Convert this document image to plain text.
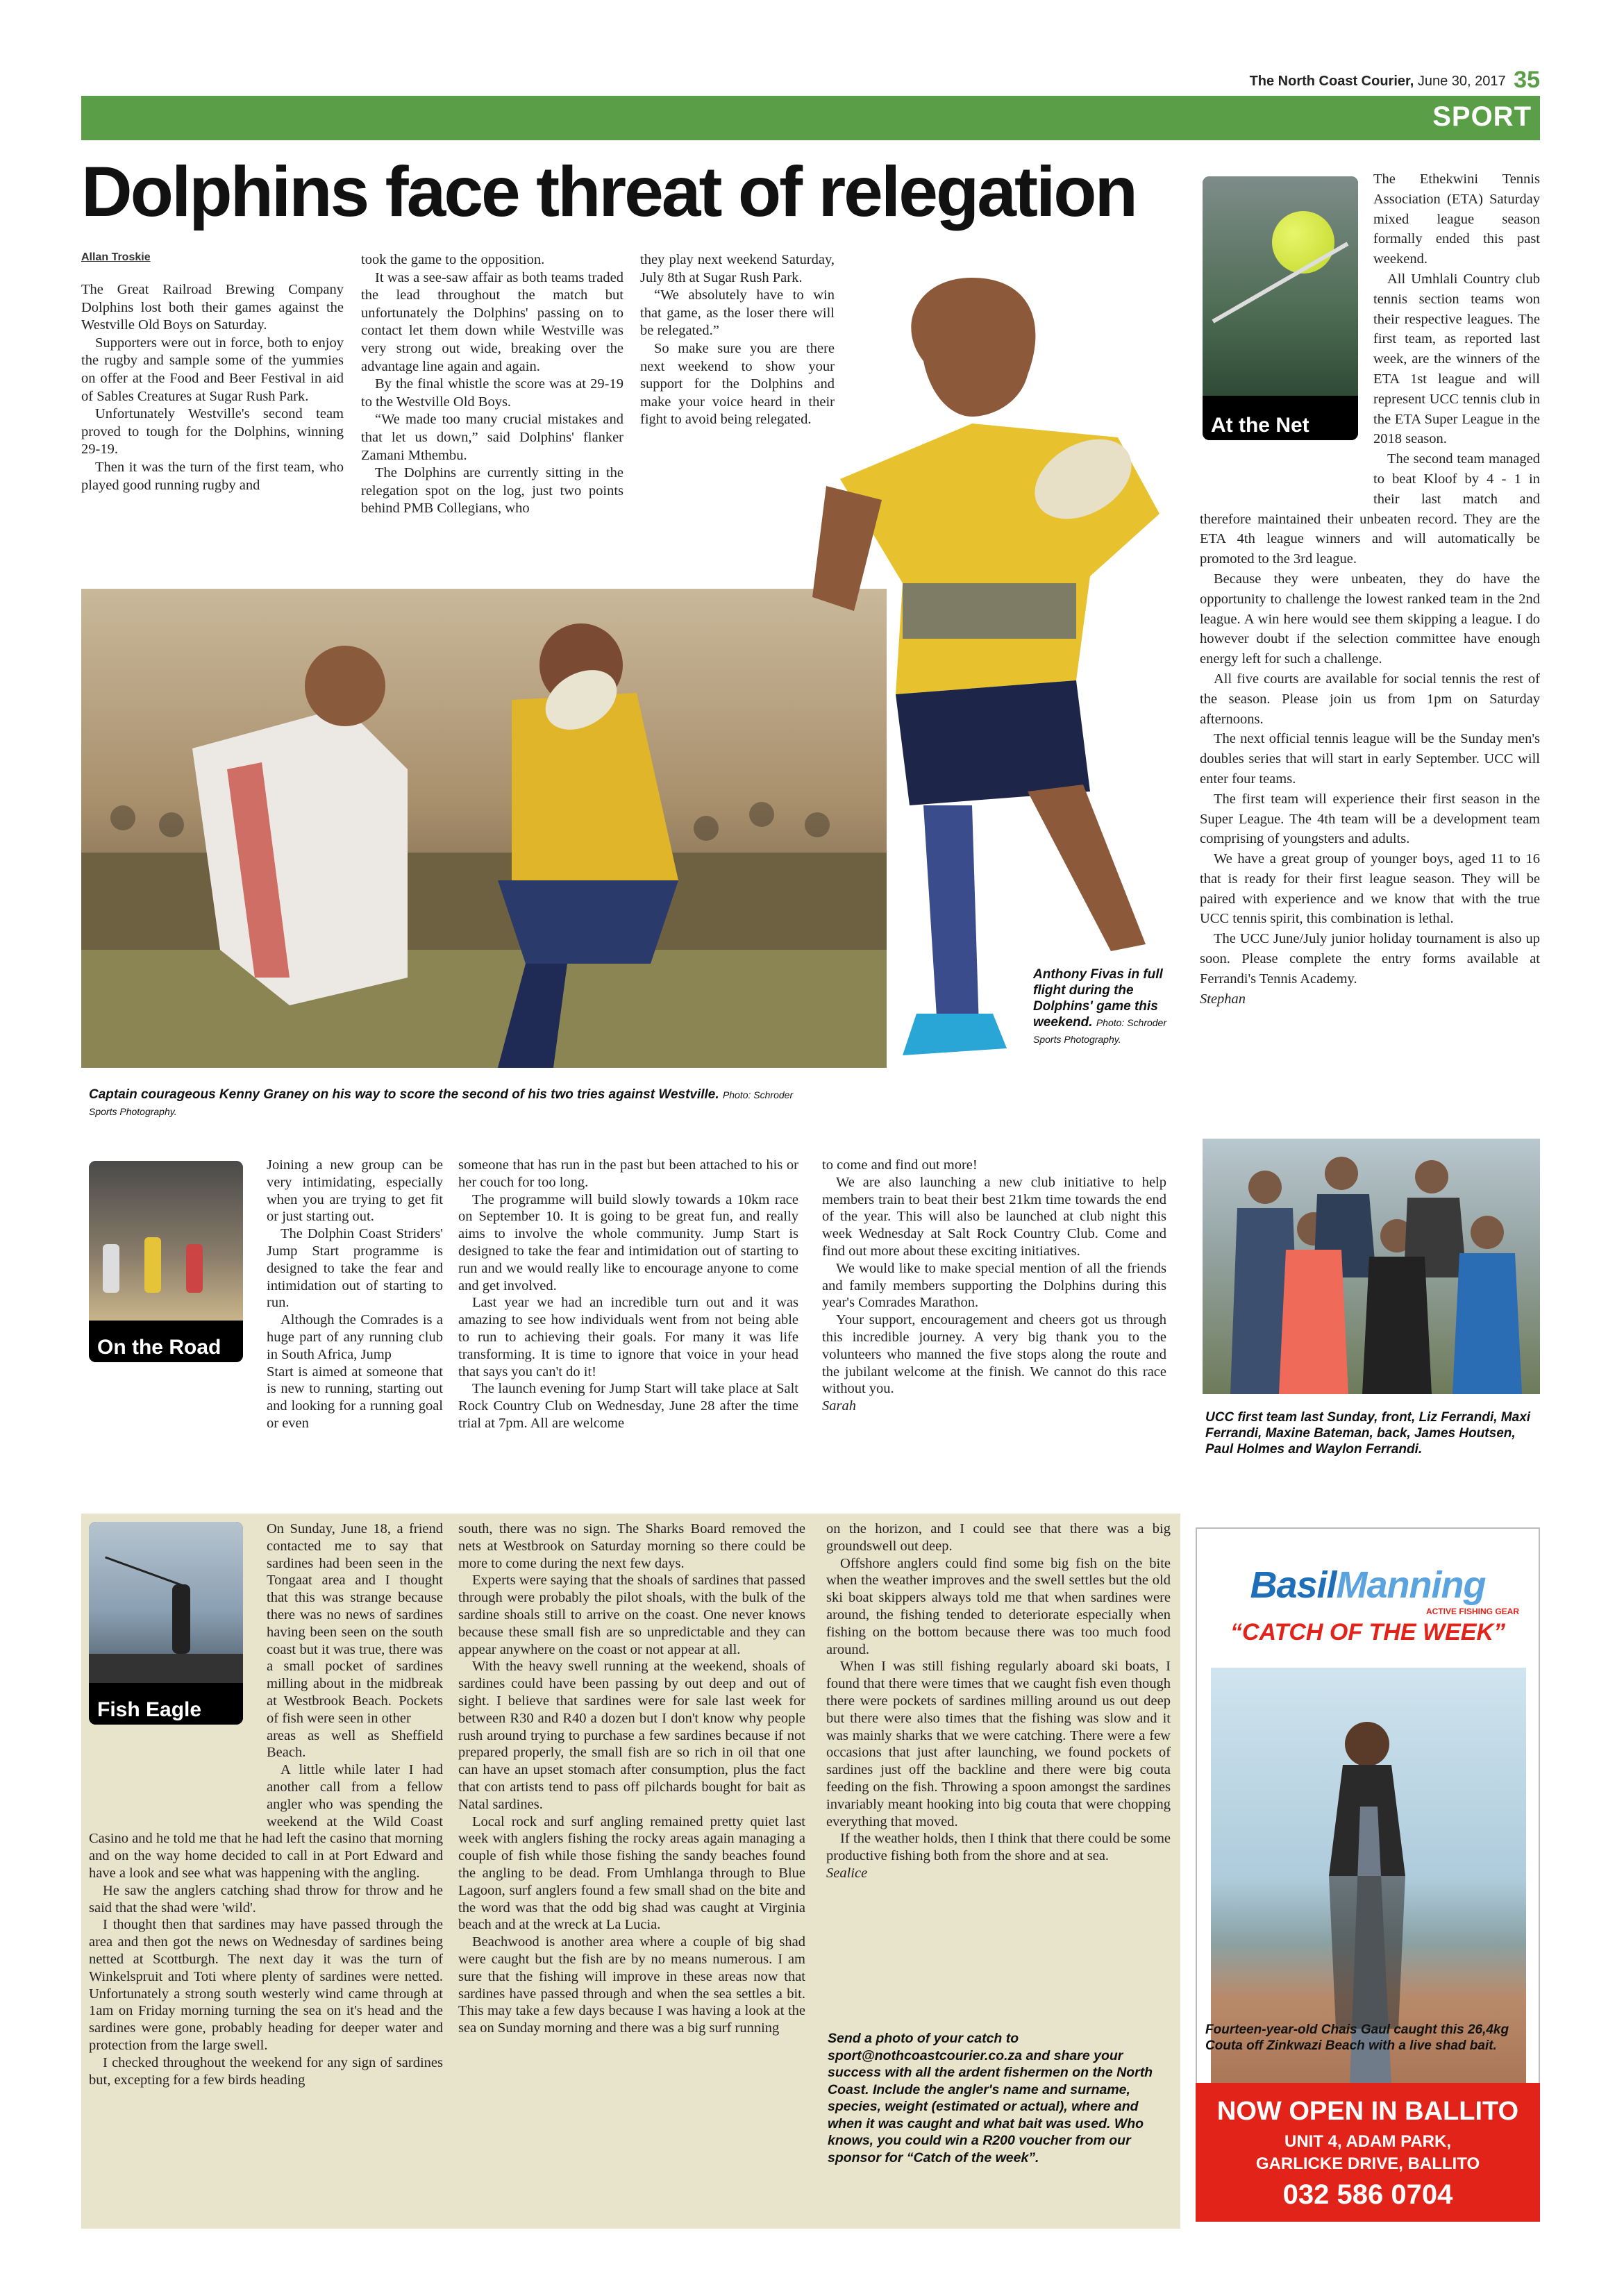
The North Coast Courier, June 30, 2017 35
SPORT
Dolphins face threat of relegation
Allan Troskie

The Great Railroad Brewing Company Dolphins lost both their games against the Westville Old Boys on Saturday.

Supporters were out in force, both to enjoy the rugby and sample some of the yummies on offer at the Food and Beer Festival in aid of Sables Creatures at Sugar Rush Park.

Unfortunately Westville's second team proved to tough for the Dolphins, winning 29-19.

Then it was the turn of the first team, who played good running rugby and

took the game to the opposition.

It was a see-saw affair as both teams traded the lead throughout the match but unfortunately the Dolphins' passing on to contact let them down while Westville was very strong out wide, breaking over the advantage line again and again.

By the final whistle the score was at 29-19 to the Westville Old Boys.

“We made too many crucial mistakes and that let us down,” said Dolphins' flanker Zamani Mthembu.

The Dolphins are currently sitting in the relegation spot on the log, just two points behind PMB Collegians, who

they play next weekend Saturday, July 8th at Sugar Rush Park.

“We absolutely have to win that game, as the loser there will be relegated.”

So make sure you are there next weekend to show your support for the Dolphins and make your voice heard in their fight to avoid being relegated.

Anthony Fivas in full flight during the Dolphins' game this weekend. Photo: Schroder Sports Photography.
Captain courageous Kenny Graney on his way to score the second of his two tries against Westville. Photo: Schroder Sports Photography.
At the Net

The Ethekwini Tennis Association (ETA) Saturday mixed league season formally ended this past weekend.

All Umhlali Country club tennis section teams won their respective leagues. The first team, as reported last week, are the winners of the ETA 1st league and will represent UCC tennis club in the ETA Super League in the 2018 season.

The second team managed to beat Kloof by 4 - 1 in their last match and therefore maintained their unbeaten record. They are the ETA 4th league winners and will automatically be promoted to the 3rd league.

Because they were unbeaten, they do have the opportunity to challenge the lowest ranked team in the 2nd league. A win here would see them skipping a league. I do however doubt if the selection committee have enough energy left for such a challenge.

All five courts are available for social tennis the rest of the season. Please join us from 1pm on Saturday afternoons.

The next official tennis league will be the Sunday men's doubles series that will start in early September. UCC will enter four teams.

The first team will experience their first season in the Super League. The 4th team will be a development team comprising of youngsters and adults.

We have a great group of younger boys, aged 11 to 16 that is ready for their first league season. They will be paired with experience and we know that with the true UCC tennis spirit, this combination is lethal.

The UCC June/July junior holiday tournament is also up soon. Please complete the entry forms available at Ferrandi's Tennis Academy.

Stephan

UCC first team last Sunday, front, Liz Ferrandi, Maxi Ferrandi, Maxine Bateman, back, James Houtsen, Paul Holmes and Waylon Ferrandi.
On the Road

Joining a new group can be very intimidating, especially when you are trying to get fit or just starting out.

The Dolphin Coast Striders' Jump Start programme is designed to take the fear and intimidation out of starting to run.

Although the Comrades is a huge part of any running club in South Africa, Jump

Start is aimed at someone that is new to running, starting out and looking for a running goal or even

someone that has run in the past but been attached to his or her couch for too long.

The programme will build slowly towards a 10km race on September 10. It is going to be great fun, and really aims to involve the whole community. Jump Start is designed to take the fear and intimidation out of starting to run and we would really like to encourage anyone to come and get involved.

Last year we had an incredible turn out and it was amazing to see how individuals went from not being able to run to achieving their goals. For many it was life transforming. It is time to ignore that voice in your head that says you can't do it!

The launch evening for Jump Start will take place at Salt Rock Country Club on Wednesday, June 28 after the time trial at 7pm. All are welcome

to come and find out more!

We are also launching a new club initiative to help members train to beat their best 21km time towards the end of the year. This will also be launched at club night this week Wednesday at Salt Rock Country Club. Come and find out more about these exciting initiatives.

We would like to make special mention of all the friends and family members supporting the Dolphins during this year's Comrades Marathon.

Your support, encouragement and cheers got us through this incredible journey. A very big thank you to the volunteers who manned the five stops along the route and the jubilant welcome at the finish. We cannot do this race without you.

Sarah

Fish Eagle

On Sunday, June 18, a friend contacted me to say that sardines had been seen in the Tongaat area and I thought that this was strange because there was no news of sardines having been seen on the south coast but it was true, there was a small pocket of sardines milling about in the midbreak at Westbrook Beach. Pockets of fish were seen in other

areas as well as Sheffield Beach.

A little while later I had another call from a fellow angler who was spending the weekend at the Wild Coast Casino and he told me that he had left the casino that morning and on the way home decided to call in at Port Edward and have a look and see what was happening with the angling.

He saw the anglers catching shad throw for throw and he said that the shad were 'wild'.

I thought then that sardines may have passed through the area and then got the news on Wednesday of sardines being netted at Scottburgh. The next day it was the turn of Winkelspruit and Toti where plenty of sardines were netted. Unfortunately a strong south westerly wind came through at 1am on Friday morning turning the sea on it's head and the sardines were gone, probably heading for deeper water and protection from the large swell.

I checked throughout the weekend for any sign of sardines but, excepting for a few birds heading

south, there was no sign. The Sharks Board removed the nets at Westbrook on Saturday morning so there could be more to come during the next few days.

Experts were saying that the shoals of sardines that passed through were probably the pilot shoals, with the bulk of the sardine shoals still to arrive on the coast. One never knows because these small fish are so unpredictable and they can appear anywhere on the coast or not appear at all.

With the heavy swell running at the weekend, shoals of sardines could have been passing by out deep and out of sight. I believe that sardines were for sale last week for between R30 and R40 a dozen but I don't know why people rush around trying to purchase a few sardines because if not prepared properly, the small fish are so rich in oil that one can have an upset stomach after consumption, plus the fact that con artists tend to pass off pilchards bought for bait as Natal sardines.

Local rock and surf angling remained pretty quiet last week with anglers fishing the rocky areas again managing a couple of fish while those fishing the sandy beaches found the angling to be dead. From Umhlanga through to Blue Lagoon, surf anglers found a few small shad on the bite and the word was that the odd big shad was caught at Virginia beach and at the wreck at La Lucia.

Beachwood is another area where a couple of big shad were caught but the fish are by no means numerous. I am sure that the fishing will improve in these areas now that sardines have passed through and when the sea settles a bit. This may take a few days because I was having a look at the sea on Sunday morning and there was a big surf running

on the horizon, and I could see that there was a big groundswell out deep.

Offshore anglers could find some big fish on the bite when the weather improves and the swell settles but the old ski boat skippers always told me that when sardines were around, the fishing tended to deteriorate especially when fishing on the bottom because there was too much food around.

When I was still fishing regularly aboard ski boats, I found that there were times that we caught fish even though there were pockets of sardines milling around us out deep but there were also times that the fishing was slow and it was mainly sharks that we were catching. There were a few occasions that just after launching, we found pockets of sardines just off the backline and there were big couta feeding on the fish. Throwing a spoon amongst the sardines invariably meant hooking into big couta that were chopping everything that moved.

If the weather holds, then I think that there could be some productive fishing both from the shore and at sea.

Sealice

Send a photo of your catch to sport@nothcoastcourier.co.za and share your success with all the ardent fishermen on the North Coast. Include the angler's name and surname, species, weight (estimated or actual), where and when it was caught and what bait was used. Who knows, you could win a R200 voucher from our sponsor for “Catch of the week”.
BasilManning
ACTIVE FISHING GEAR
“CATCH OF THE WEEK”
Fourteen-year-old Chais Gaul caught this 26,4kg Couta off Zinkwazi Beach with a live shad bait.
NOW OPEN IN BALLITO
UNIT 4, ADAM PARK,
GARLICKE DRIVE, BALLITO
032 586 0704
